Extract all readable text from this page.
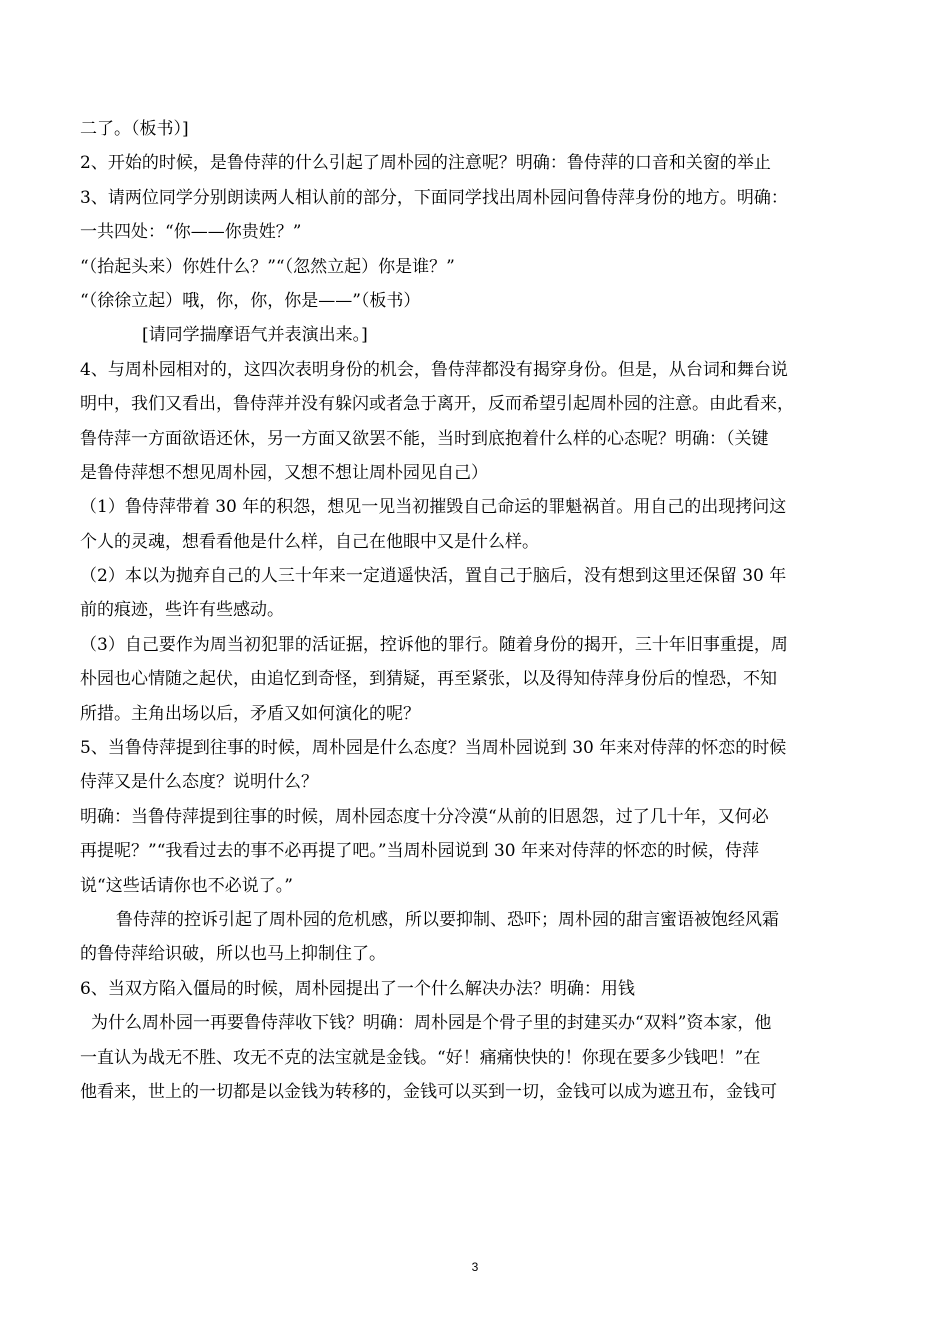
二了。（板书）]
2、开始的时候，是鲁侍萍的什么引起了周朴园的注意呢？明确：鲁侍萍的口音和关窗的举止
3、请两位同学分别朗读两人相认前的部分，下面同学找出周朴园问鲁侍萍身份的地方。明确：
一共四处：“你——你贵姓？”
“（抬起头来）你姓什么？”“（忽然立起）你是谁？”
“（徐徐立起）哦，你，你，你是——”（板书）
[请同学揣摩语气并表演出来。]
4、与周朴园相对的，这四次表明身份的机会，鲁侍萍都没有揭穿身份。但是，从台词和舞台说
明中，我们又看出，鲁侍萍并没有躲闪或者急于离开，反而希望引起周朴园的注意。由此看来，
鲁侍萍一方面欲语还休，另一方面又欲罢不能，当时到底抱着什么样的心态呢？明确：（关键
是鲁侍萍想不想见周朴园，又想不想让周朴园见自己）
（1）鲁侍萍带着 30 年的积怨，想见一见当初摧毁自己命运的罪魁祸首。用自己的出现拷问这
个人的灵魂，想看看他是什么样，自己在他眼中又是什么样。
（2）本以为抛弃自己的人三十年来一定逍遥快活，置自己于脑后，没有想到这里还保留 30 年
前的痕迹，些许有些感动。
（3）自己要作为周当初犯罪的活证据，控诉他的罪行。随着身份的揭开，三十年旧事重提，周
朴园也心情随之起伏，由追忆到奇怪，到猜疑，再至紧张，以及得知侍萍身份后的惶恐，不知
所措。主角出场以后，矛盾又如何演化的呢？
5、当鲁侍萍提到往事的时候，周朴园是什么态度？当周朴园说到 30 年来对侍萍的怀恋的时候
侍萍又是什么态度？说明什么？
明确：当鲁侍萍提到往事的时候，周朴园态度十分冷漠“从前的旧恩怨，过了几十年，又何必
再提呢？”“我看过去的事不必再提了吧。”当周朴园说到 30 年来对侍萍的怀恋的时候，侍萍
说“这些话请你也不必说了。”
鲁侍萍的控诉引起了周朴园的危机感，所以要抑制、恐吓；周朴园的甜言蜜语被饱经风霜
的鲁侍萍给识破，所以也马上抑制住了。
6、当双方陷入僵局的时候，周朴园提出了一个什么解决办法？明确：用钱
为什么周朴园一再要鲁侍萍收下钱？明确：周朴园是个骨子里的封建买办“双料”资本家，他
一直认为战无不胜、攻无不克的法宝就是金钱。“好！痛痛快快的！你现在要多少钱吧！”在
他看来，世上的一切都是以金钱为转移的，金钱可以买到一切，金钱可以成为遮丑布，金钱可
3
